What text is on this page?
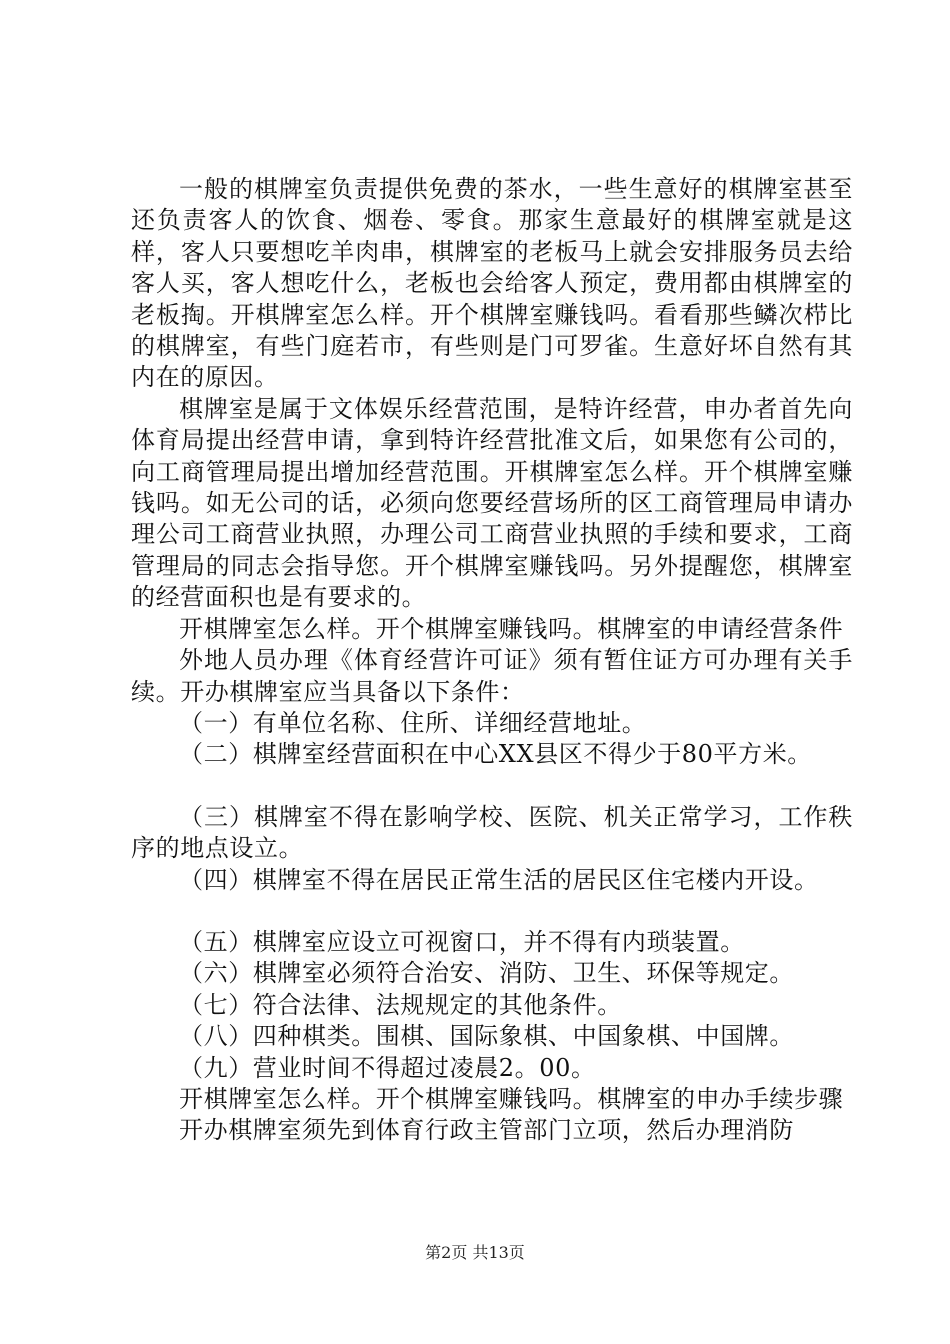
一般的棋牌室负责提供免费的茶水，一些生意好的棋牌室甚至还负责客人的饮食、烟卷、零食。那家生意最好的棋牌室就是这样，客人只要想吃羊肉串，棋牌室的老板马上就会安排服务员去给客人买，客人想吃什么，老板也会给客人预定，费用都由棋牌室的老板掏。开棋牌室怎么样。开个棋牌室赚钱吗。看看那些鳞次栉比的棋牌室，有些门庭若市，有些则是门可罗雀。生意好坏自然有其内在的原因。

棋牌室是属于文体娱乐经营范围，是特许经营，申办者首先向体育局提出经营申请，拿到特许经营批准文后，如果您有公司的，向工商管理局提出增加经营范围。开棋牌室怎么样。开个棋牌室赚钱吗。如无公司的话，必须向您要经营场所的区工商管理局申请办理公司工商营业执照，办理公司工商营业执照的手续和要求，工商管理局的同志会指导您。开个棋牌室赚钱吗。另外提醒您，棋牌室的经营面积也是有要求的。

开棋牌室怎么样。开个棋牌室赚钱吗。棋牌室的申请经营条件

外地人员办理《体育经营许可证》须有暂住证方可办理有关手续。开办棋牌室应当具备以下条件：

（一）有单位名称、住所、详细经营地址。

（二）棋牌室经营面积在中心XX县区不得少于80平方米。

（三）棋牌室不得在影响学校、医院、机关正常学习，工作秩序的地点设立。

（四）棋牌室不得在居民正常生活的居民区住宅楼内开设。

（五）棋牌室应设立可视窗口，并不得有内琐装置。

（六）棋牌室必须符合治安、消防、卫生、环保等规定。

（七）符合法律、法规规定的其他条件。

（八）四种棋类。围棋、国际象棋、中国象棋、中国牌。

（九）营业时间不得超过凌晨2。00。

开棋牌室怎么样。开个棋牌室赚钱吗。棋牌室的申办手续步骤

开办棋牌室须先到体育行政主管部门立项，然后办理消防

第2页 共13页
